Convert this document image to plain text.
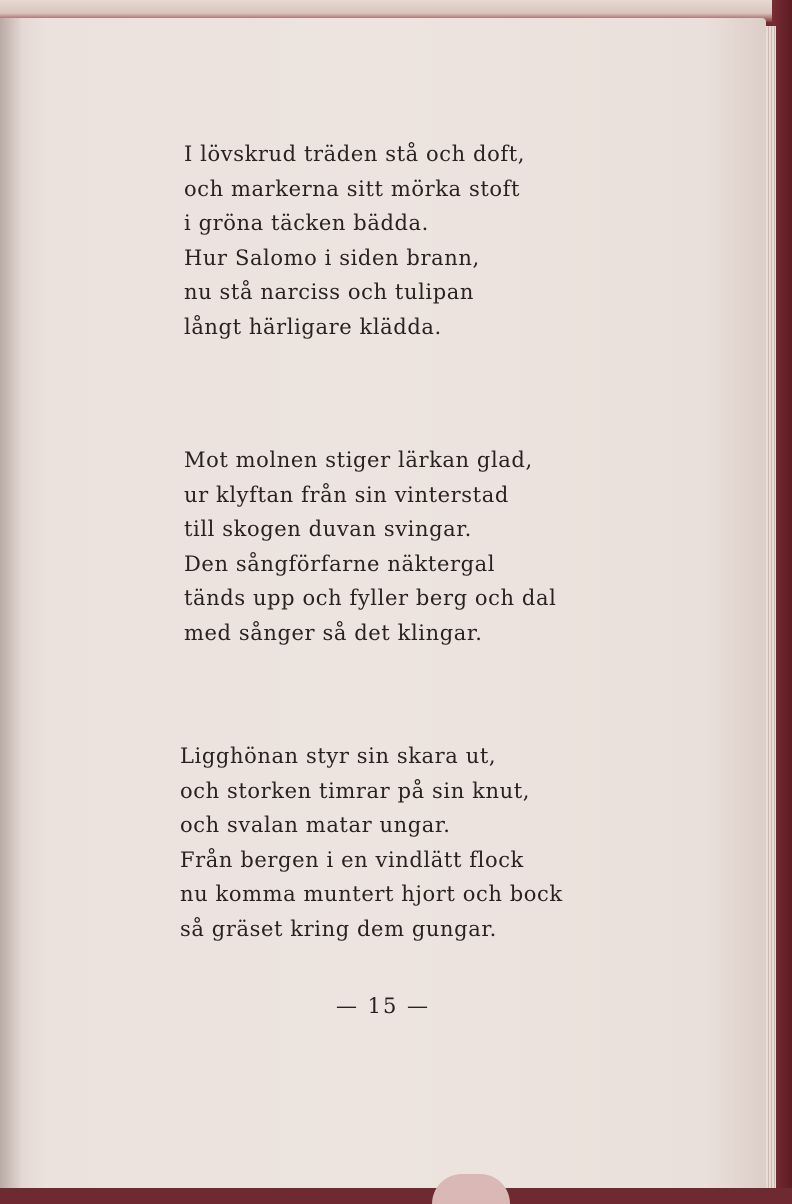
I lövskrud träden stå och doft,
och markerna sitt mörka stoft
i gröna täcken bädda.
Hur Salomo i siden brann,
nu stå narciss och tulipan
långt härligare klädda.
Mot molnen stiger lärkan glad,
ur klyftan från sin vinterstad
till skogen duvan svingar.
Den sångförfarne näktergal
tänds upp och fyller berg och dal
med sånger så det klingar.
Ligghönan styr sin skara ut,
och storken timrar på sin knut,
och svalan matar ungar.
Från bergen i en vindlätt flock
nu komma muntert hjort och bock
så gräset kring dem gungar.
— 15 —
